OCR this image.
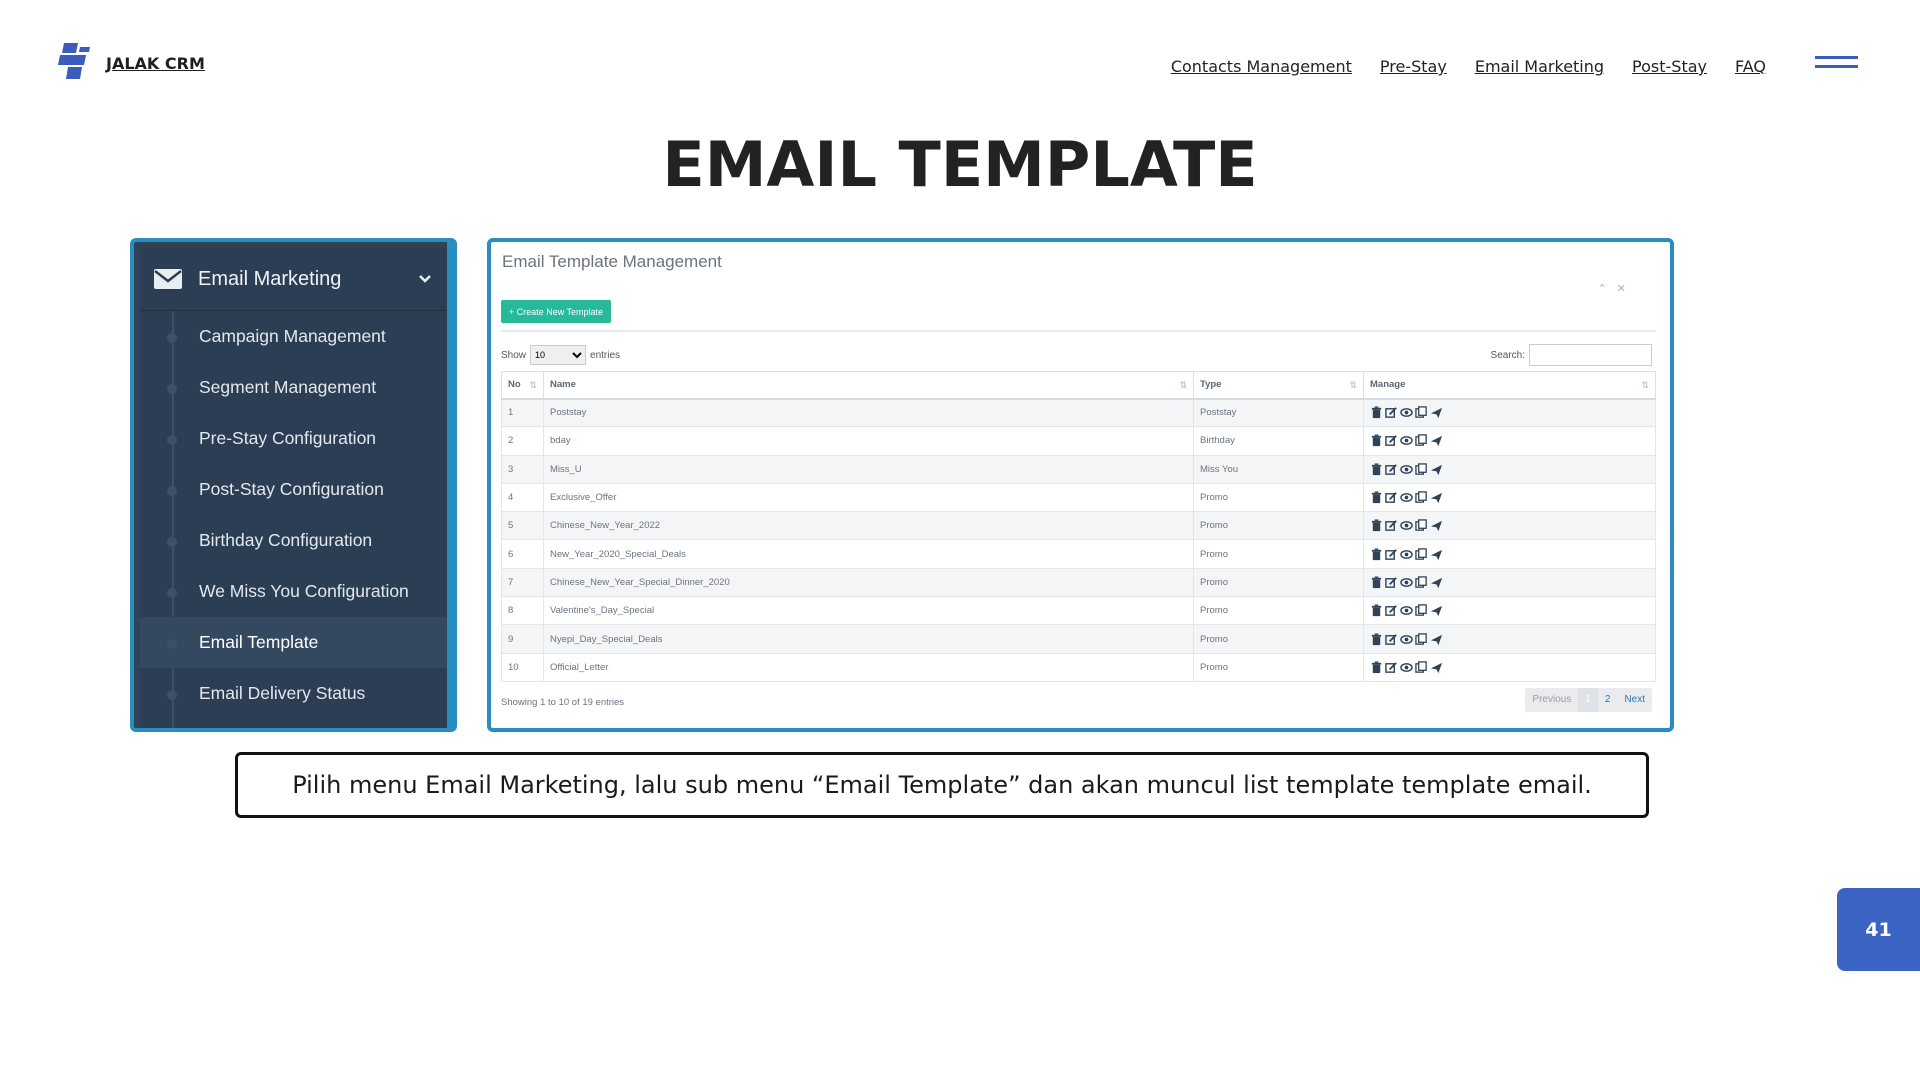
JALAK CRM	Contacts Management Pre-Stay Email Marketing Post-Stay FAQ
EMAIL TEMPLATE
Email Marketing
Campaign Management
Segment Management
Pre-Stay Configuration
Post-Stay Configuration
Birthday Configuration
We Miss You Configuration
Email Template
Email Delivery Status
Email Template Management
⌃ ✕
+ Create New Template
Show
10	entries	Search:
No ⇅	Name ⇅	Type ⇅	Manage ⇅

1	Poststay	Poststay	

2	bday	Birthday	

3	Miss_U	Miss You	

4	Exclusive_Offer	Promo	

5	Chinese_New_Year_2022	Promo	

6	New_Year_2020_Special_Deals	Promo	

7	Chinese_New_Year_Special_Dinner_2020	Promo	

8	Valentine's_Day_Special	Promo	

9	Nyepi_Day_Special_Deals	Promo	

10	Official_Letter	Promo	
Showing 1 to 10 of 19 entries	Previous	1	2	Next
Pilih menu Email Marketing, lalu sub menu “Email Template” dan akan muncul list template template email.
41
